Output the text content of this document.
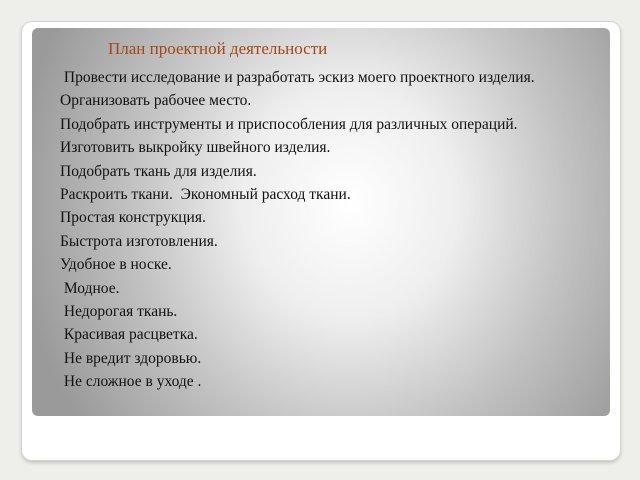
План проектной деятельности
Провести исследование и разработать эскиз моего проектного изделия.
Организовать рабочее место.
Подобрать инструменты и приспособления для различных операций.
Изготовить выкройку швейного изделия.
Подобрать ткань для изделия.
Раскроить ткани.  Экономный расход ткани.
Простая конструкция.
Быстрота изготовления.
Удобное в носке.
Модное.
Недорогая ткань.
Красивая расцветка.
Не вредит здоровью.
Не сложное в уходе .
